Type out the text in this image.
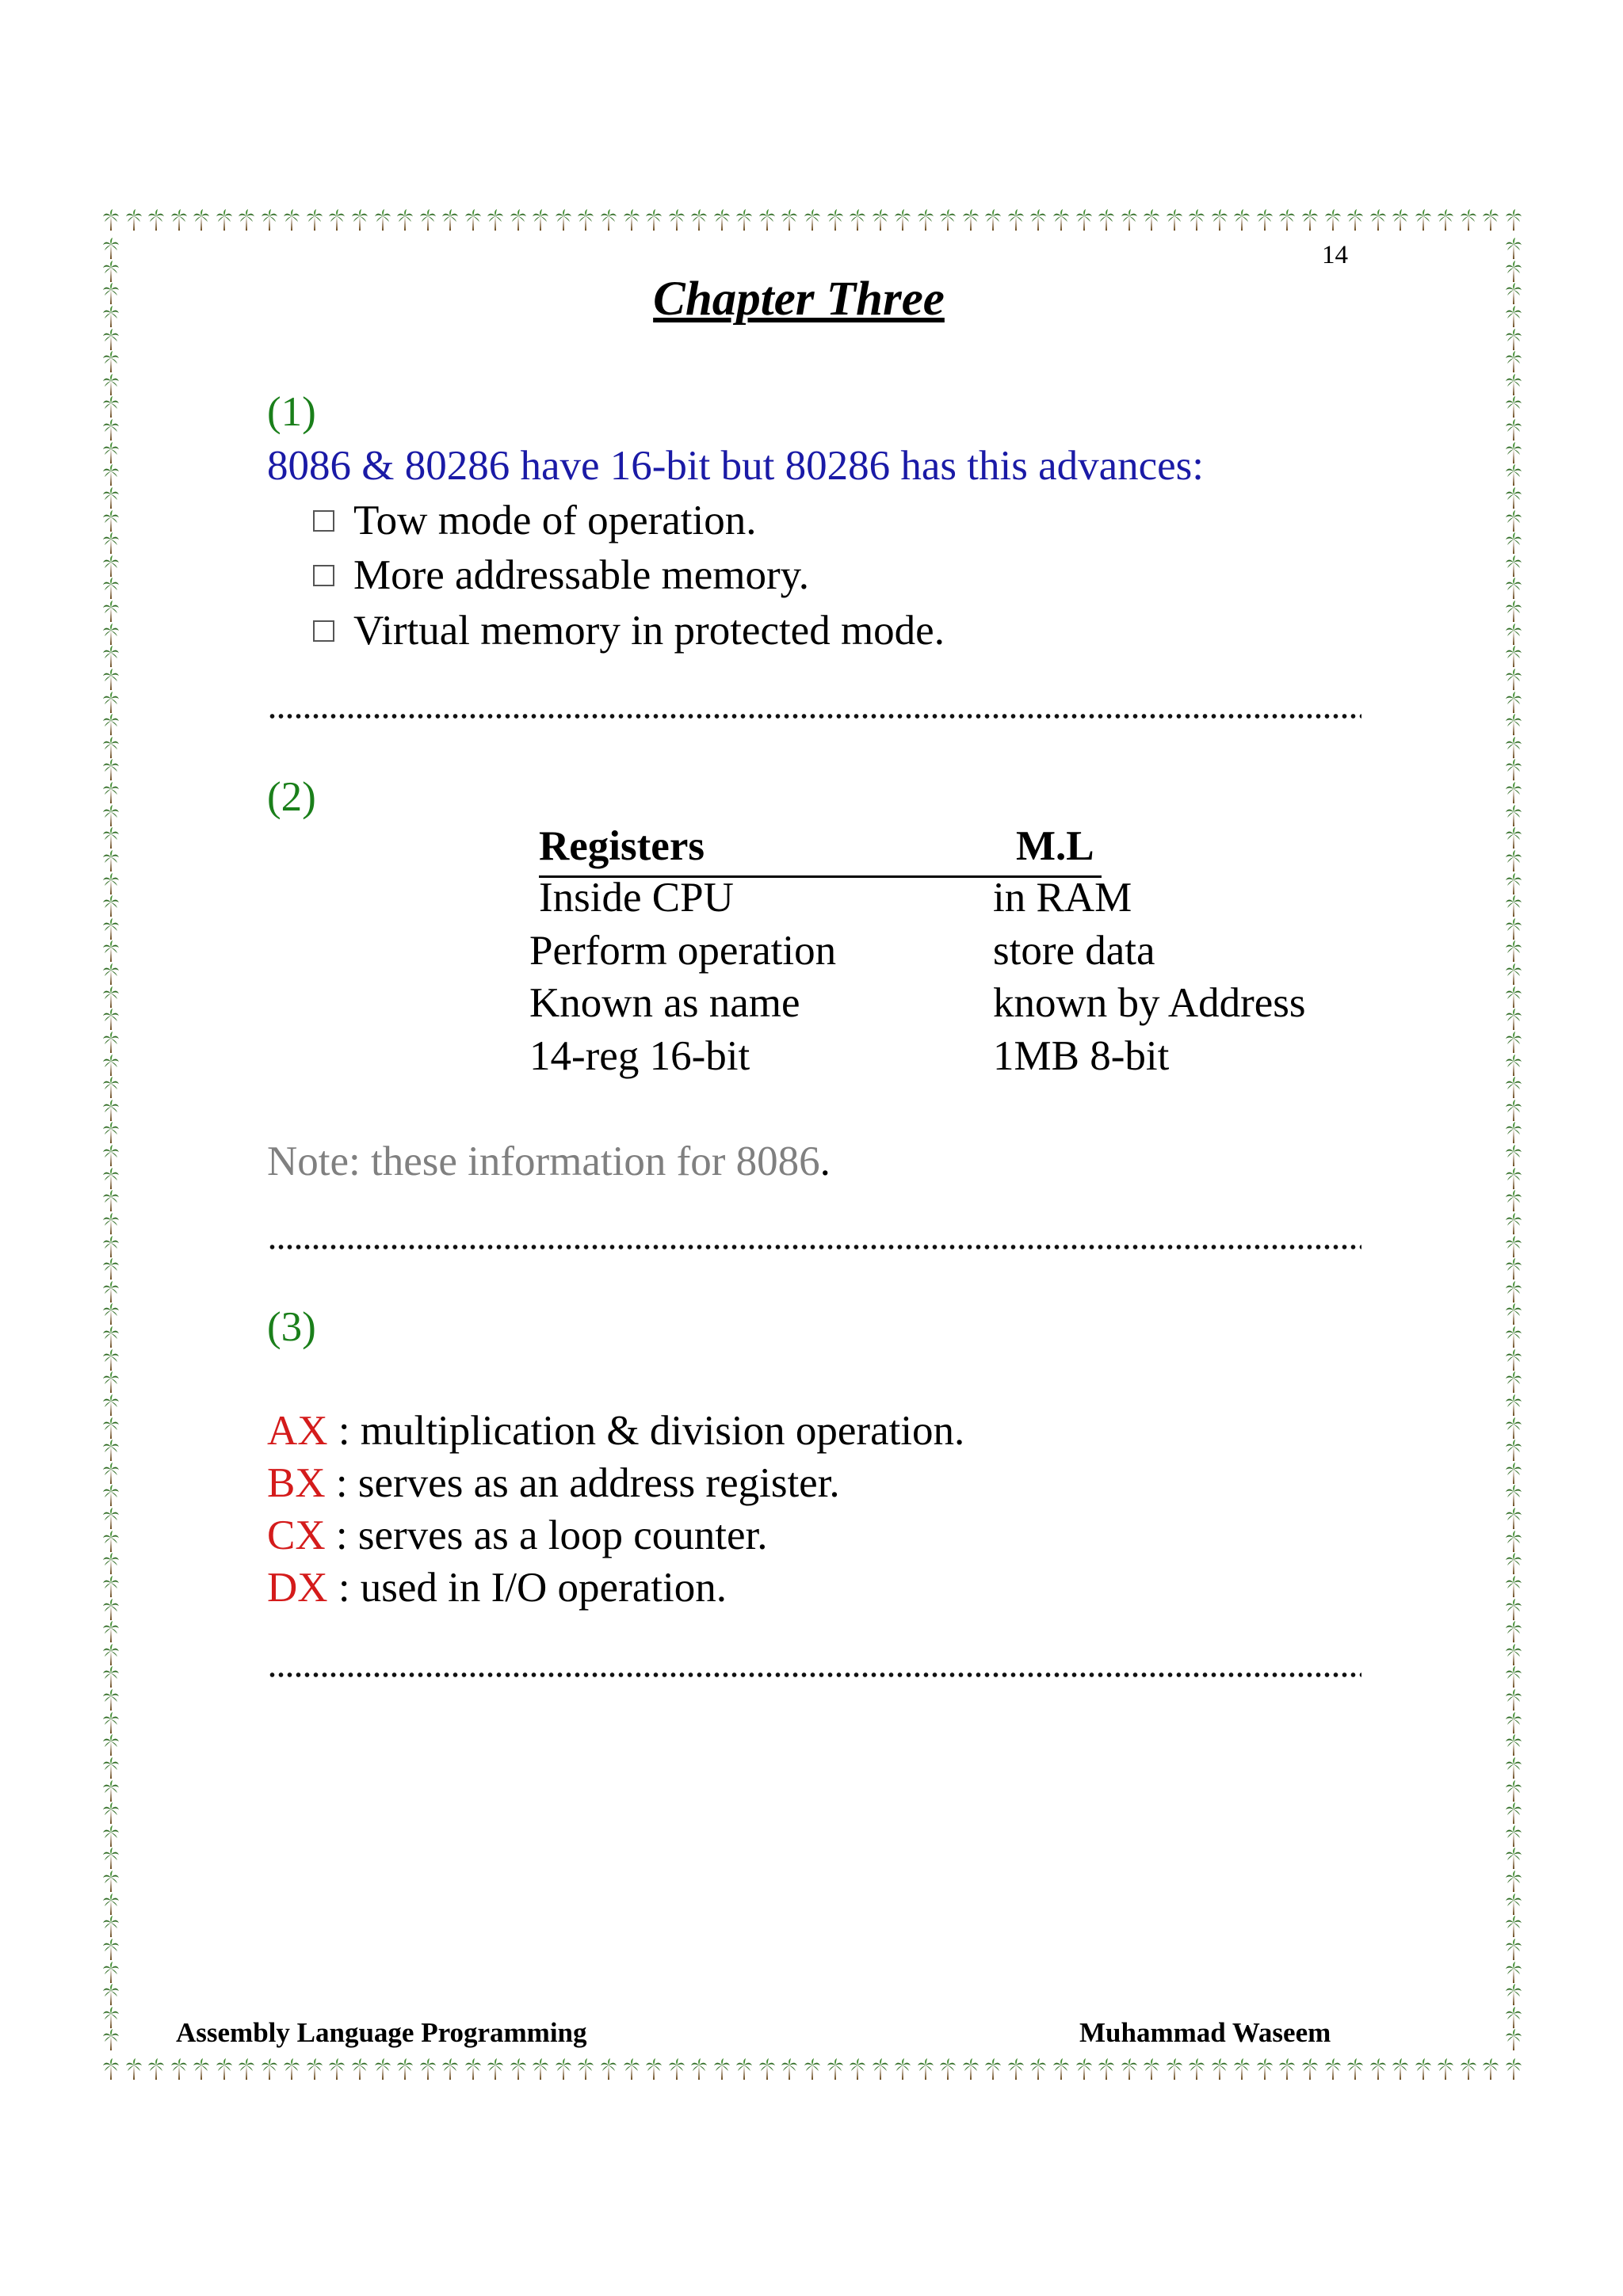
14
Chapter Three
(1)
8086 & 80286 have 16-bit but 80286 has this advances:
Tow mode of operation.
More addressable memory.
Virtual memory in protected mode.
(2)
Registers	M.L
Inside CPU	in RAM
Perform operation	store data
Known as name	known by Address
14-reg 16-bit	1MB 8-bit
Note: these information for 8086.
(3)
AX : multiplication & division operation.
BX : serves as an address register.
CX : serves as a loop counter.
DX : used in I/O operation.
Assembly Language Programming	Muhammad Waseem
